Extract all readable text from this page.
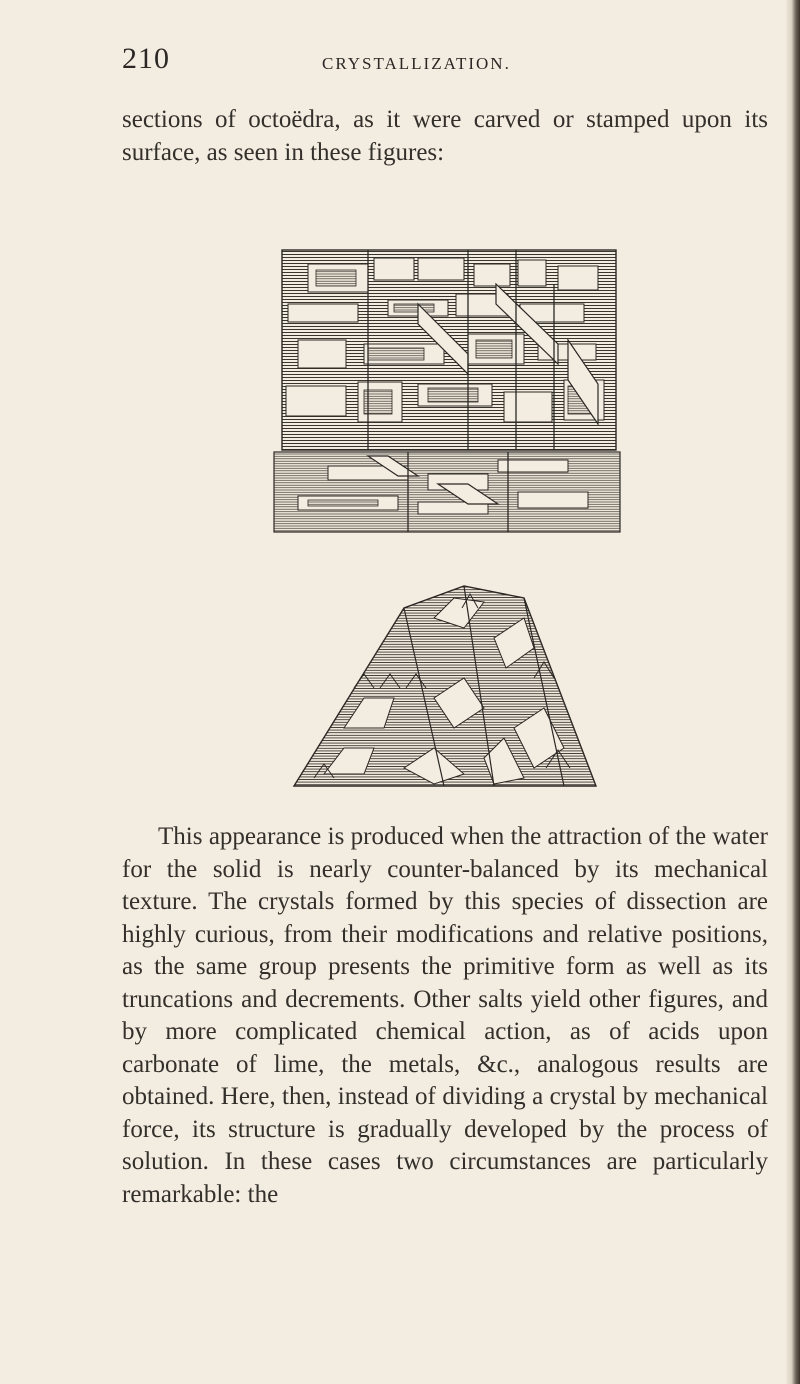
210	CRYSTALLIZATION.

sections of octoëdra, as it were carved or stamped upon its surface, as seen in these figures:

This appearance is produced when the attraction of the water for the solid is nearly counter-balanced by its mechanical texture. The crystals formed by this species of dissection are highly curious, from their modifications and relative positions, as the same group presents the primitive form as well as its truncations and decrements. Other salts yield other figures, and by more complicated chemical action, as of acids upon carbonate of lime, the metals, &c., analogous results are obtained. Here, then, instead of dividing a crystal by mechanical force, its structure is gradually developed by the process of solution. In these cases two circumstances are particularly remarkable: the
